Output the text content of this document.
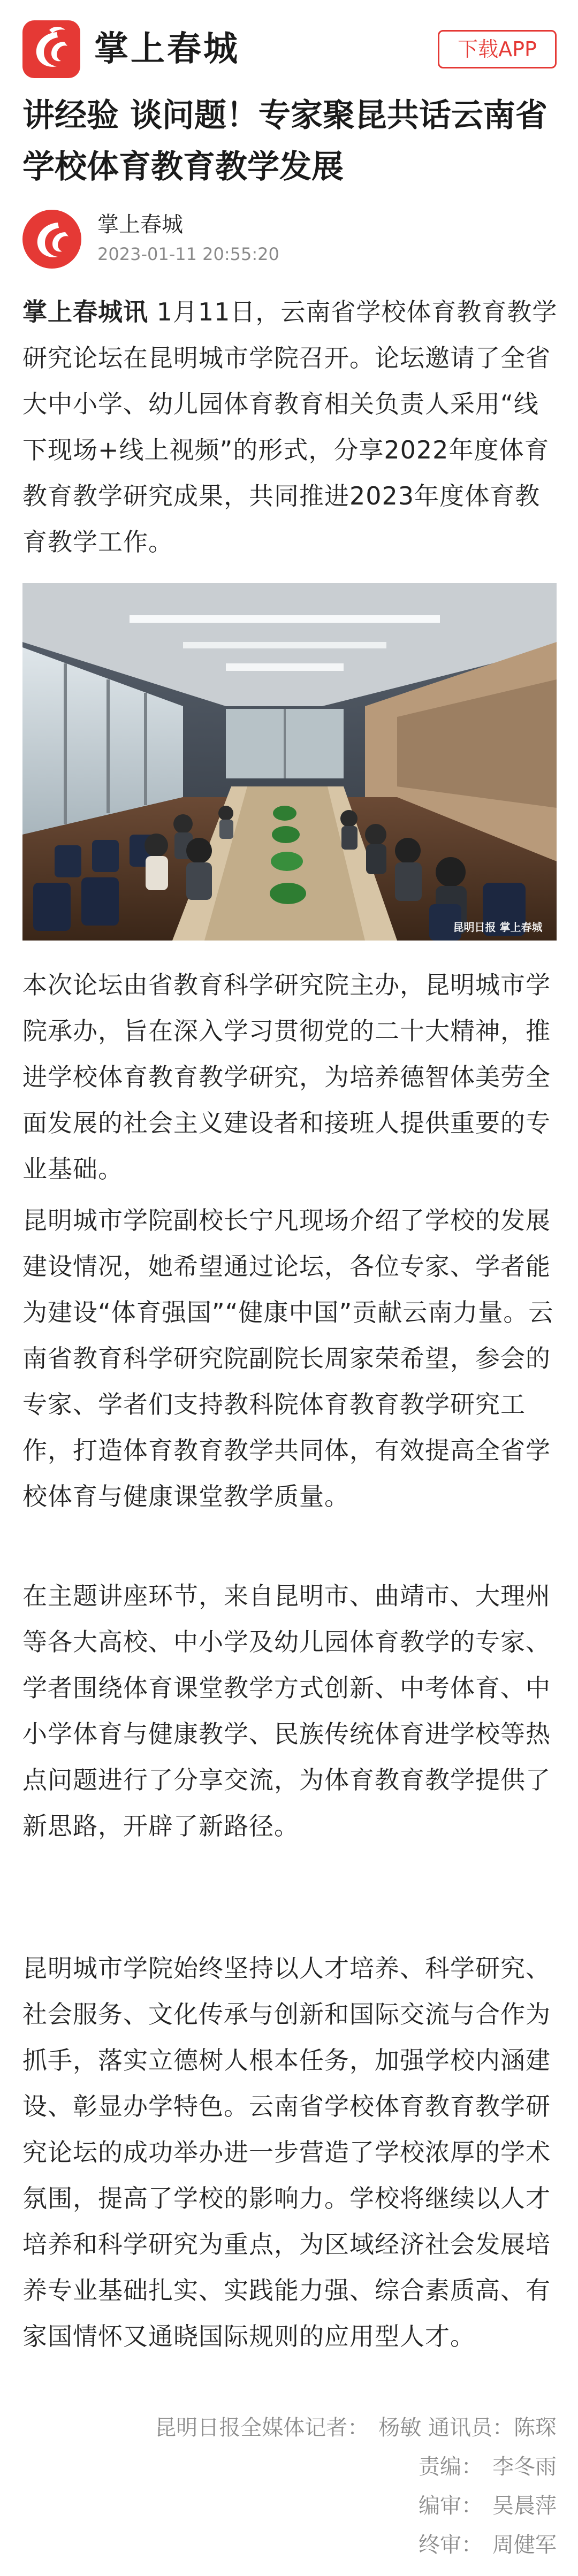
掌上春城	下载APP
讲经验 谈问题！专家聚昆共话云南省学校体育教育教学发展
掌上春城
2023-01-11 20:55:20

掌上春城讯 1月11日，云南省学校体育教育教学研究论坛在昆明城市学院召开。论坛邀请了全省大中小学、幼儿园体育教育相关负责人采用“线下现场+线上视频”的形式，分享2022年度体育教育教学研究成果，共同推进2023年度体育教育教学工作。

昆明日报 掌上春城

本次论坛由省教育科学研究院主办，昆明城市学院承办，旨在深入学习贯彻党的二十大精神，推进学校体育教育教学研究，为培养德智体美劳全面发展的社会主义建设者和接班人提供重要的专业基础。

昆明城市学院副校长宁凡现场介绍了学校的发展建设情况，她希望通过论坛，各位专家、学者能为建设“体育强国”“健康中国”贡献云南力量。云南省教育科学研究院副院长周家荣希望，参会的专家、学者们支持教科院体育教育教学研究工作，打造体育教育教学共同体，有效提高全省学校体育与健康课堂教学质量。

在主题讲座环节，来自昆明市、曲靖市、大理州等各大高校、中小学及幼儿园体育教学的专家、学者围绕体育课堂教学方式创新、中考体育、中小学体育与健康教学、民族传统体育进学校等热点问题进行了分享交流，为体育教育教学提供了新思路，开辟了新路径。

昆明城市学院始终坚持以人才培养、科学研究、社会服务、文化传承与创新和国际交流与合作为抓手，落实立德树人根本任务，加强学校内涵建设、彰显办学特色。云南省学校体育教育教学研究论坛的成功举办进一步营造了学校浓厚的学术氛围，提高了学校的影响力。学校将继续以人才培养和科学研究为重点，为区域经济社会发展培养专业基础扎实、实践能力强、综合素质高、有家国情怀又通晓国际规则的应用型人才。

昆明日报全媒体记者： 杨敏 通讯员：陈琛
责编： 李冬雨
编审： 吴晨萍
终审： 周健军
